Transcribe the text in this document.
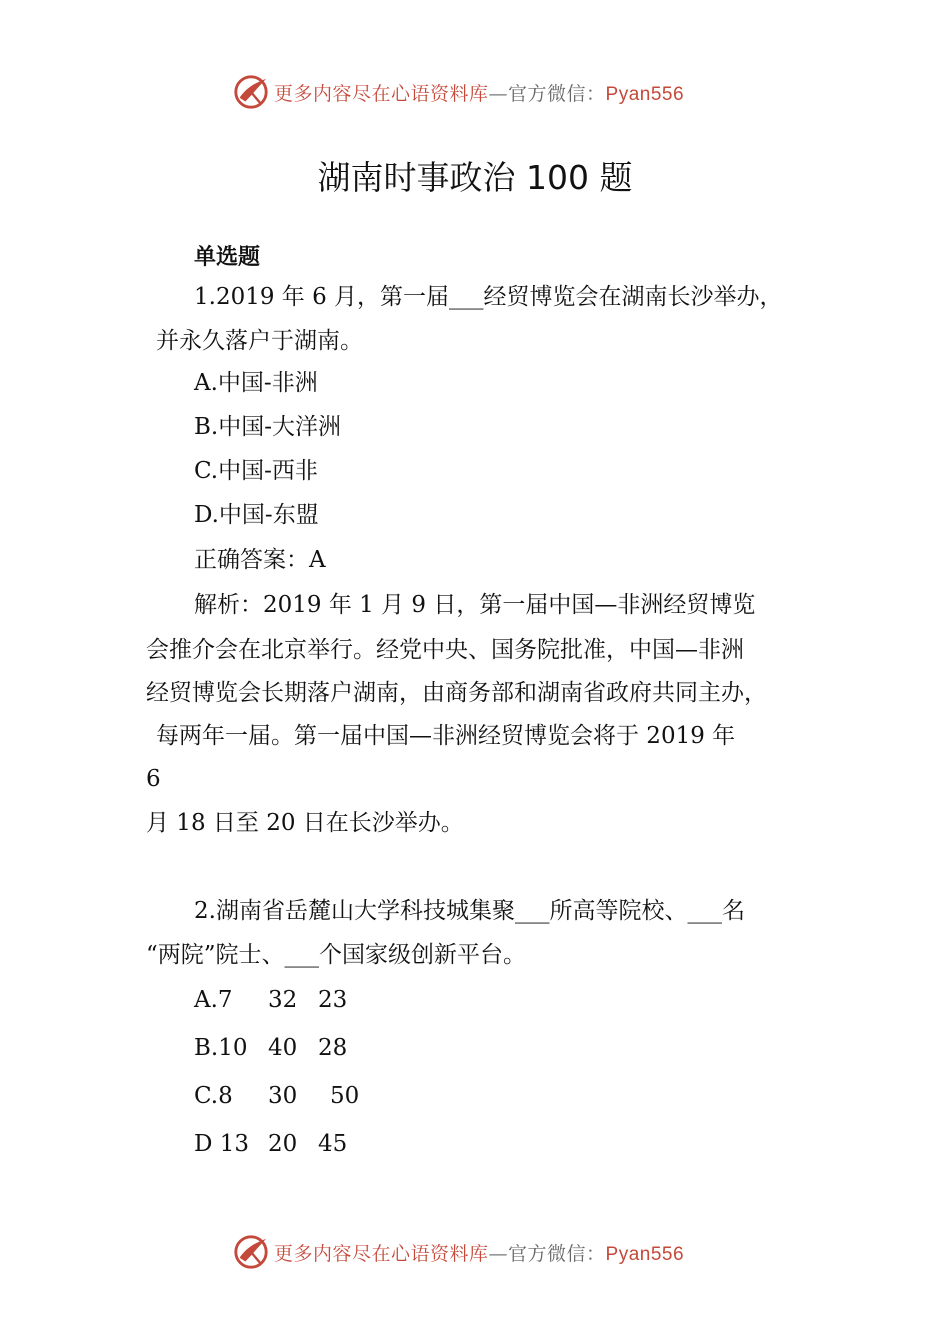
更多内容尽在心语资料库—官方微信：Pyan556
湖南时事政治 100 题
单选题
1.2019 年 6 月，第一届___经贸博览会在湖南长沙举办，
并永久落户于湖南。
A.中国-非洲
B.中国-大洋洲
C.中国-西非
D.中国-东盟
正确答案：A
解析：2019 年 1 月 9 日，第一届中国—非洲经贸博览
会推介会在北京举行。经党中央、国务院批准，中国—非洲
经贸博览会长期落户湖南，由商务部和湖南省政府共同主办，
每两年一届。第一届中国—非洲经贸博览会将于 2019 年
6
月 18 日至 20 日在长沙举办。
2.湖南省岳麓山大学科技城集聚___所高等院校、___名
“两院”院士、___个国家级创新平台。
A.7 32 23
B.10 40 28
C.8 30 50
D 13 20 45
更多内容尽在心语资料库—官方微信：Pyan556
